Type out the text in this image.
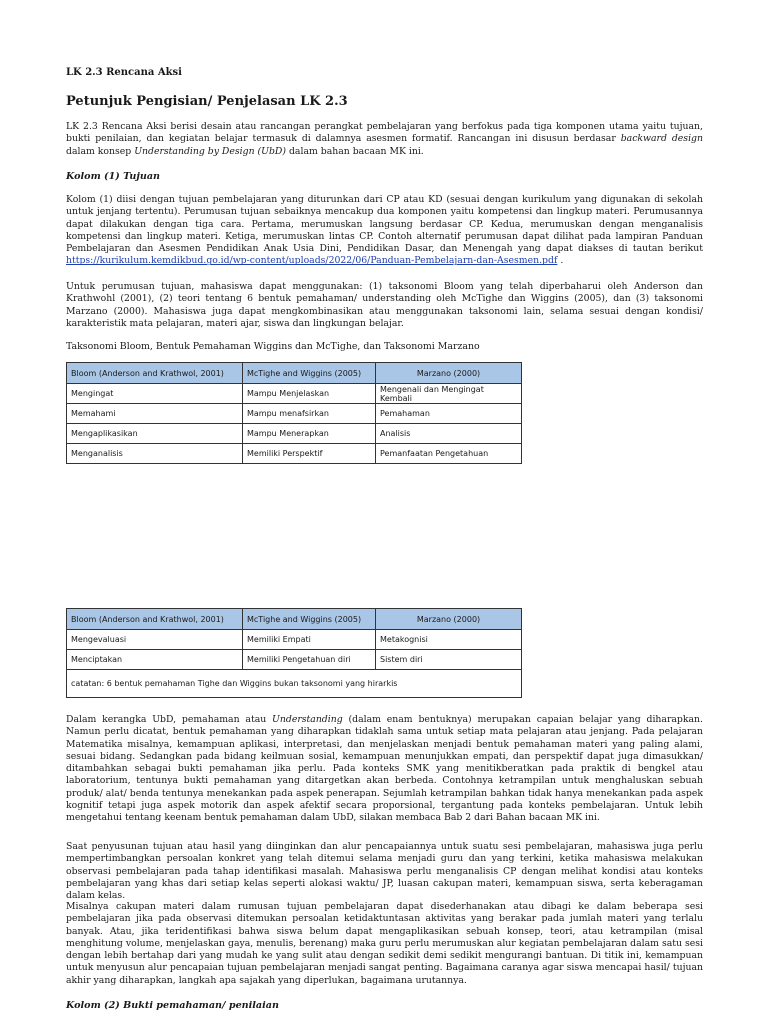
LK 2.3 Rencana Aksi
Petunjuk Pengisian/ Penjelasan LK 2.3

LK 2.3 Rencana Aksi berisi desain atau rancangan perangkat pembelajaran yang berfokus pada tiga komponen utama yaitu tujuan, bukti penilaian, dan kegiatan belajar termasuk di dalamnya asesmen formatif. Rancangan ini disusun berdasar backward design dalam konsep Understanding by Design (UbD) dalam bahan bacaan MK ini.

Kolom (1) Tujuan

Kolom (1) diisi dengan tujuan pembelajaran yang diturunkan dari CP atau KD (sesuai dengan kurikulum yang digunakan di sekolah untuk jenjang tertentu). Perumusan tujuan sebaiknya mencakup dua komponen yaitu kompetensi dan lingkup materi. Perumusannya dapat dilakukan dengan tiga cara. Pertama, merumuskan langsung berdasar CP. Kedua, merumuskan dengan menganalisis kompetensi dan lingkup materi. Ketiga, merumuskan lintas CP. Contoh alternatif perumusan dapat dilihat pada lampiran Panduan Pembelajaran dan Asesmen Pendidikan Anak Usia Dini, Pendidikan Dasar, dan Menengah yang dapat diakses di tautan berikut https://kurikulum.kemdikbud.go.id/wp-content/uploads/2022/06/Panduan-Pembelajarn-dan-Asesmen.pdf .

Untuk perumusan tujuan, mahasiswa dapat menggunakan: (1) taksonomi Bloom yang telah diperbaharui oleh Anderson dan Krathwohl (2001), (2) teori tentang 6 bentuk pemahaman/ understanding oleh McTighe dan Wiggins (2005), dan (3) taksonomi Marzano (2000). Mahasiswa juga dapat mengkombinasikan atau menggunakan taksonomi lain, selama sesuai dengan kondisi/ karakteristik mata pelajaran, materi ajar, siswa dan lingkungan belajar.

Taksonomi Bloom, Bentuk Pemahaman Wiggins dan McTighe, dan Taksonomi Marzano
Bloom (Anderson and Krathwol, 2001)	McTighe and Wiggins (2005)	Marzano (2000)
Mengingat	Mampu Menjelaskan	Mengenali dan Mengingat Kembali
Memahami	Mampu menafsirkan	Pemahaman
Mengaplikasikan	Mampu Menerapkan	Analisis
Menganalisis	Memiliki Perspektif	Pemanfaatan Pengetahuan
Bloom (Anderson and Krathwol, 2001)	McTighe and Wiggins (2005)	Marzano (2000)
Mengevaluasi	Memiliki Empati	Metakognisi
Menciptakan	Memiliki Pengetahuan diri	Sistem diri
catatan: 6 bentuk pemahaman Tighe dan Wiggins bukan taksonomi yang hirarkis		

Dalam kerangka UbD, pemahaman atau Understanding (dalam enam bentuknya) merupakan capaian belajar yang diharapkan. Namun perlu dicatat, bentuk pemahaman yang diharapkan tidaklah sama untuk setiap mata pelajaran atau jenjang. Pada pelajaran Matematika misalnya, kemampuan aplikasi, interpretasi, dan menjelaskan menjadi bentuk pemahaman materi yang paling alami, sesuai bidang. Sedangkan pada bidang keilmuan sosial, kemampuan menunjukkan empati, dan perspektif dapat juga dimasukkan/ ditambahkan sebagai bukti pemahaman jika perlu. Pada konteks SMK yang menitikberatkan pada praktik di bengkel atau laboratorium, tentunya bukti pemahaman yang ditargetkan akan berbeda. Contohnya ketrampilan untuk menghaluskan sebuah produk/ alat/ benda tentunya menekankan pada aspek penerapan. Sejumlah ketrampilan bahkan tidak hanya menekankan pada aspek kognitif tetapi juga aspek motorik dan aspek afektif secara proporsional, tergantung pada konteks pembelajaran. Untuk lebih mengetahui tentang keenam bentuk pemahaman dalam UbD, silakan membaca Bab 2 dari Bahan bacaan MK ini.

Saat penyusunan tujuan atau hasil yang diinginkan dan alur pencapaiannya untuk suatu sesi pembelajaran, mahasiswa juga perlu mempertimbangkan persoalan konkret yang telah ditemui selama menjadi guru dan yang terkini, ketika mahasiswa melakukan observasi pembelajaran pada tahap identifikasi masalah. Mahasiswa perlu menganalisis CP dengan melihat kondisi atau konteks pembelajaran yang khas dari setiap kelas seperti alokasi waktu/ JP, luasan cakupan materi, kemampuan siswa, serta keberagaman dalam kelas.

Misalnya cakupan materi dalam rumusan tujuan pembelajaran dapat disederhanakan atau dibagi ke dalam beberapa sesi pembelajaran jika pada observasi ditemukan persoalan ketidaktuntasan aktivitas yang berakar pada jumlah materi yang terlalu banyak. Atau, jika teridentifikasi bahwa siswa belum dapat mengaplikasikan sebuah konsep, teori, atau ketrampilan (misal menghitung volume, menjelaskan gaya, menulis, berenang) maka guru perlu merumuskan alur kegiatan pembelajaran dalam satu sesi dengan lebih bertahap dari yang mudah ke yang sulit atau dengan sedikit demi sedikit mengurangi bantuan. Di titik ini, kemampuan untuk menyusun alur pencapaian tujuan pembelajaran menjadi sangat penting. Bagaimana caranya agar siswa mencapai hasil/ tujuan akhir yang diharapkan, langkah apa sajakah yang diperlukan, bagaimana urutannya.

Kolom (2) Bukti pemahaman/ penilaian
